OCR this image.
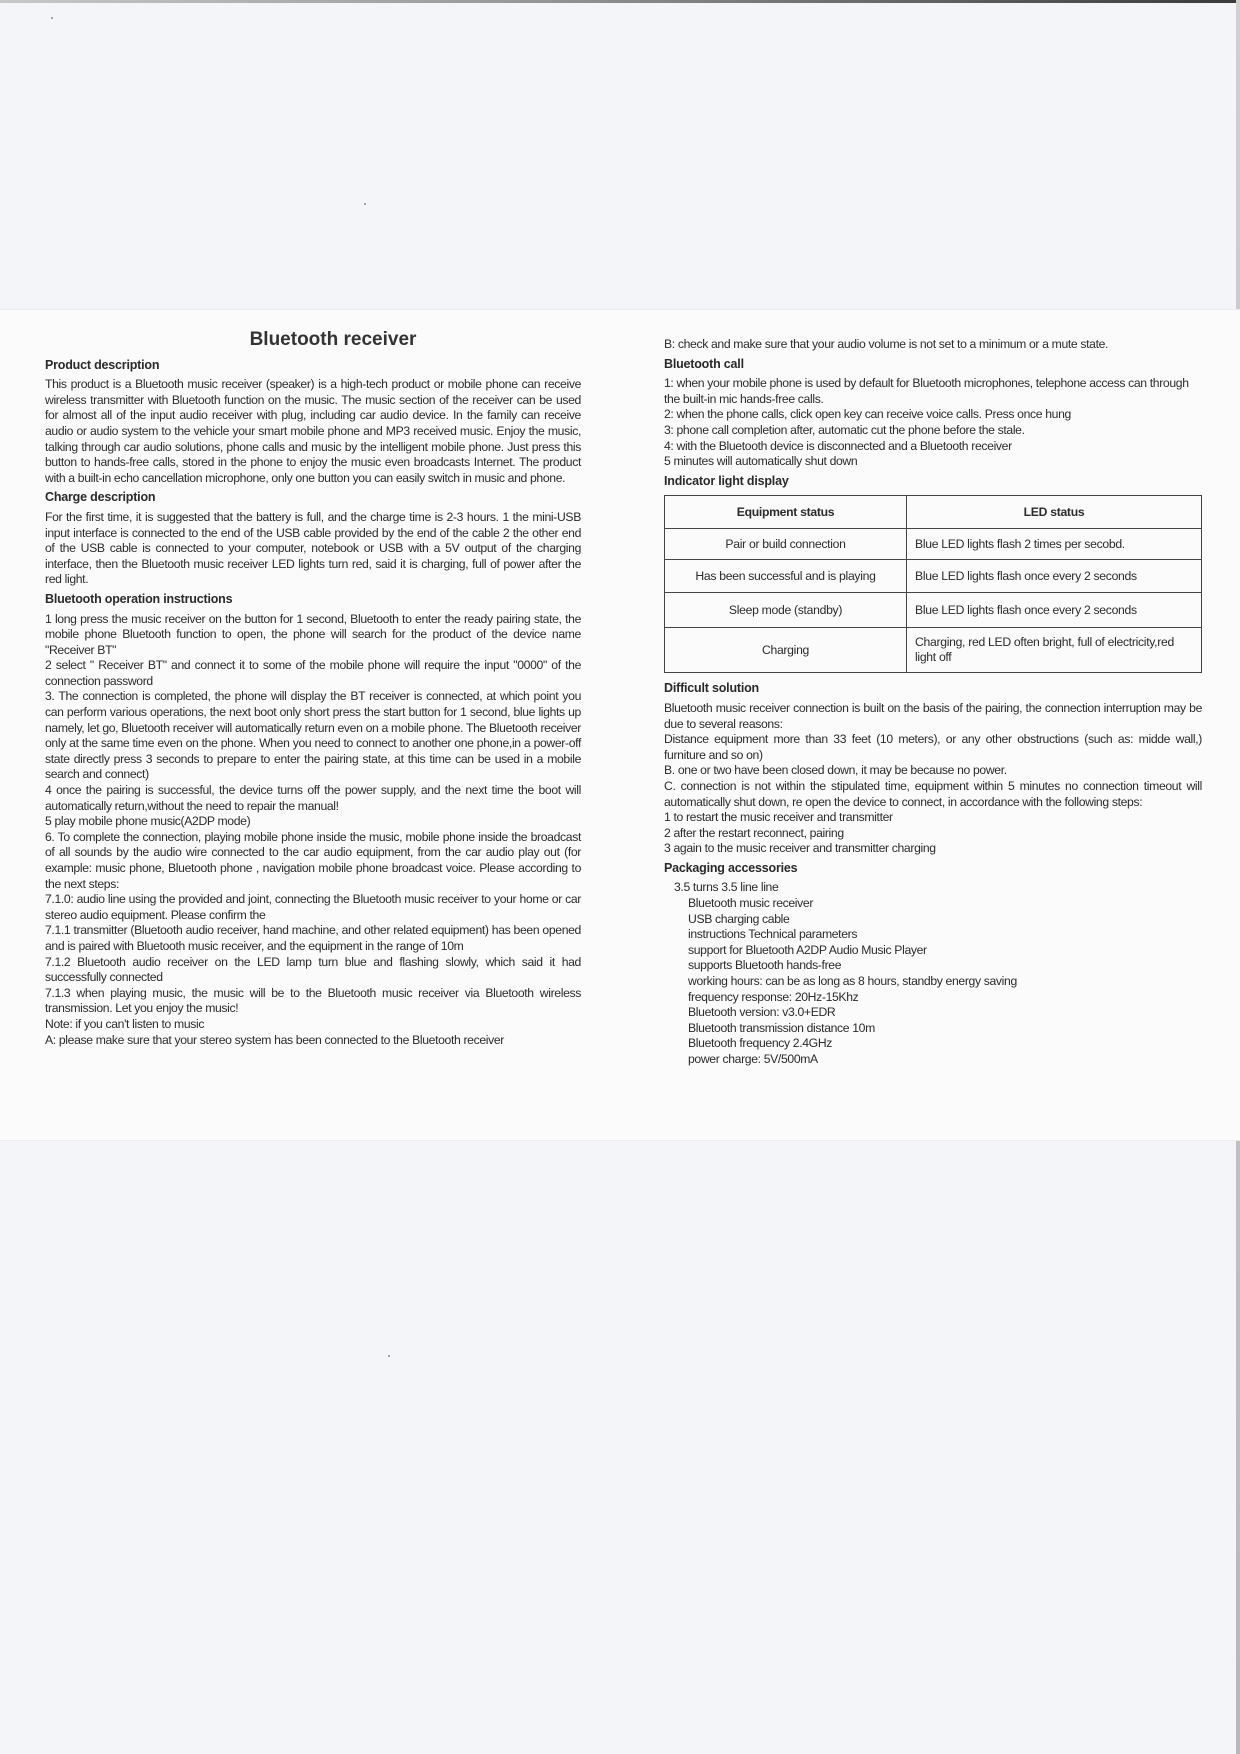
Bluetooth receiver
Product description

This product is a Bluetooth music receiver (speaker) is a high-tech product or mobile phone can receive wireless transmitter with Bluetooth function on the music. The music section of the receiver can be used for almost all of the input audio receiver with plug, including car audio device. In the family can receive audio or audio system to the vehicle your smart mobile phone and MP3 received music. Enjoy the music, talking through car audio solutions, phone calls and music by the intelligent mobile phone. Just press this button to hands-free calls, stored in the phone to enjoy the music even broadcasts Internet. The product with a built-in echo cancellation microphone, only one button you can easily switch in music and phone.

Charge description

For the first time, it is suggested that the battery is full, and the charge time is 2-3 hours. 1 the mini-USB input interface is connected to the end of the USB cable provided by the end of the cable 2 the other end of the USB cable is connected to your computer, notebook or USB with a 5V output of the charging interface, then the Bluetooth music receiver LED lights turn red, said it is charging, full of power after the red light.

Bluetooth operation instructions

1 long press the music receiver on the button for 1 second, Bluetooth to enter the ready pairing state, the mobile phone Bluetooth function to open, the phone will search for the product of the device name "Receiver BT"

2 select " Receiver BT" and connect it to some of the mobile phone will require the input "0000" of the connection password

3. The connection is completed, the phone will display the BT receiver is connected, at which point you can perform various operations, the next boot only short press the start button for 1 second, blue lights up namely, let go, Bluetooth receiver will automatically return even on a mobile phone. The Bluetooth receiver only at the same time even on the phone. When you need to connect to another one phone,in a power-off state directly press 3 seconds to prepare to enter the pairing state, at this time can be used in a mobile search and connect)

4 once the pairing is successful, the device turns off the power supply, and the next time the boot will automatically return,without the need to repair the manual!

5 play mobile phone music(A2DP mode)

6. To complete the connection, playing mobile phone inside the music, mobile phone inside the broadcast of all sounds by the audio wire connected to the car audio equipment, from the car audio play out (for example: music phone, Bluetooth phone , navigation mobile phone broadcast voice. Please according to the next steps:

7.1.0: audio line using the provided and joint, connecting the Bluetooth music receiver to your home or car stereo audio equipment. Please confirm the

7.1.1 transmitter (Bluetooth audio receiver, hand machine, and other related equipment) has been opened and is paired with Bluetooth music receiver, and the equipment in the range of 10m

7.1.2 Bluetooth audio receiver on the LED lamp turn blue and flashing slowly, which said it had successfully connected

7.1.3 when playing music, the music will be to the Bluetooth music receiver via Bluetooth wireless transmission. Let you enjoy the music!

Note: if you can't listen to music

A: please make sure that your stereo system has been connected to the Bluetooth receiver

B: check and make sure that your audio volume is not set to a minimum or a mute state.

Bluetooth call

1: when your mobile phone is used by default for Bluetooth microphones, telephone access can through the built-in mic hands-free calls.

2: when the phone calls, click open key can receive voice calls. Press once hung

3: phone call completion after, automatic cut the phone before the stale.

4: with the Bluetooth device is disconnected and a Bluetooth receiver

5 minutes will automatically shut down

Indicator light display
Equipment status	LED status
Pair or build connection	Blue LED lights flash 2 times per secobd.
Has been successful and is playing	Blue LED lights flash once every 2 seconds
Sleep mode (standby)	Blue LED lights flash once every 2 seconds
Charging	Charging, red LED often bright, full of electricity,red light off
Difficult solution

Bluetooth music receiver connection is built on the basis of the pairing, the connection interruption may be due to several reasons:

Distance equipment more than 33 feet (10 meters), or any other obstructions (such as: midde wall,) furniture and so on)

B. one or two have been closed down, it may be because no power.

C. connection is not within the stipulated time, equipment within 5 minutes no connection timeout will automatically shut down, re open the device to connect, in accordance with the following steps:

1 to restart the music receiver and transmitter

2 after the restart reconnect, pairing

3 again to the music receiver and transmitter charging

Packaging accessories

3.5 turns 3.5 line line

Bluetooth music receiver

USB charging cable

instructions Technical parameters

support for Bluetooth A2DP Audio Music Player

supports Bluetooth hands-free

working hours: can be as long as 8 hours, standby energy saving

frequency response: 20Hz-15Khz

Bluetooth version: v3.0+EDR

Bluetooth transmission distance 10m

Bluetooth frequency 2.4GHz

power charge: 5V/500mA
